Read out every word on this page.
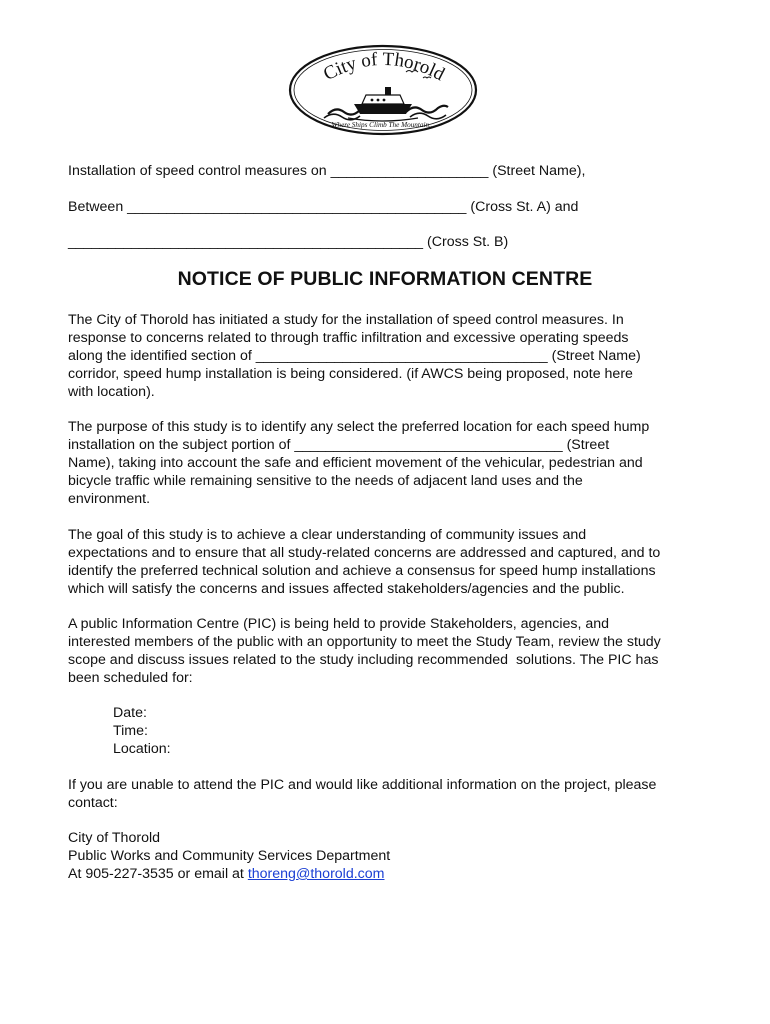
City of Thorold
Where Ships Climb The Mountain...
Installation of speed control measures on ____________________ (Street Name),
Between ___________________________________________ (Cross St. A) and
_____________________________________________ (Cross St. B)
NOTICE OF PUBLIC INFORMATION CENTRE
The City of Thorold has initiated a study for the installation of speed control measures. In
response to concerns related to through traffic infiltration and excessive operating speeds
along the identified section of _____________________________________ (Street Name)
corridor, speed hump installation is being considered. (if AWCS being proposed, note here
with location).
The purpose of this study is to identify any select the preferred location for each speed hump
installation on the subject portion of __________________________________ (Street
Name), taking into account the safe and efficient movement of the vehicular, pedestrian and
bicycle traffic while remaining sensitive to the needs of adjacent land uses and the
environment.
The goal of this study is to achieve a clear understanding of community issues and
expectations and to ensure that all study-related concerns are addressed and captured, and to
identify the preferred technical solution and achieve a consensus for speed hump installations
which will satisfy the concerns and issues affected stakeholders/agencies and the public.
A public Information Centre (PIC) is being held to provide Stakeholders, agencies, and
interested members of the public with an opportunity to meet the Study Team, review the study
scope and discuss issues related to the study including recommended  solutions. The PIC has
been scheduled for:
Date:
Time:
Location:
If you are unable to attend the PIC and would like additional information on the project, please
contact:
City of Thorold
Public Works and Community Services Department
At 905-227-3535 or email at thoreng@thorold.com
